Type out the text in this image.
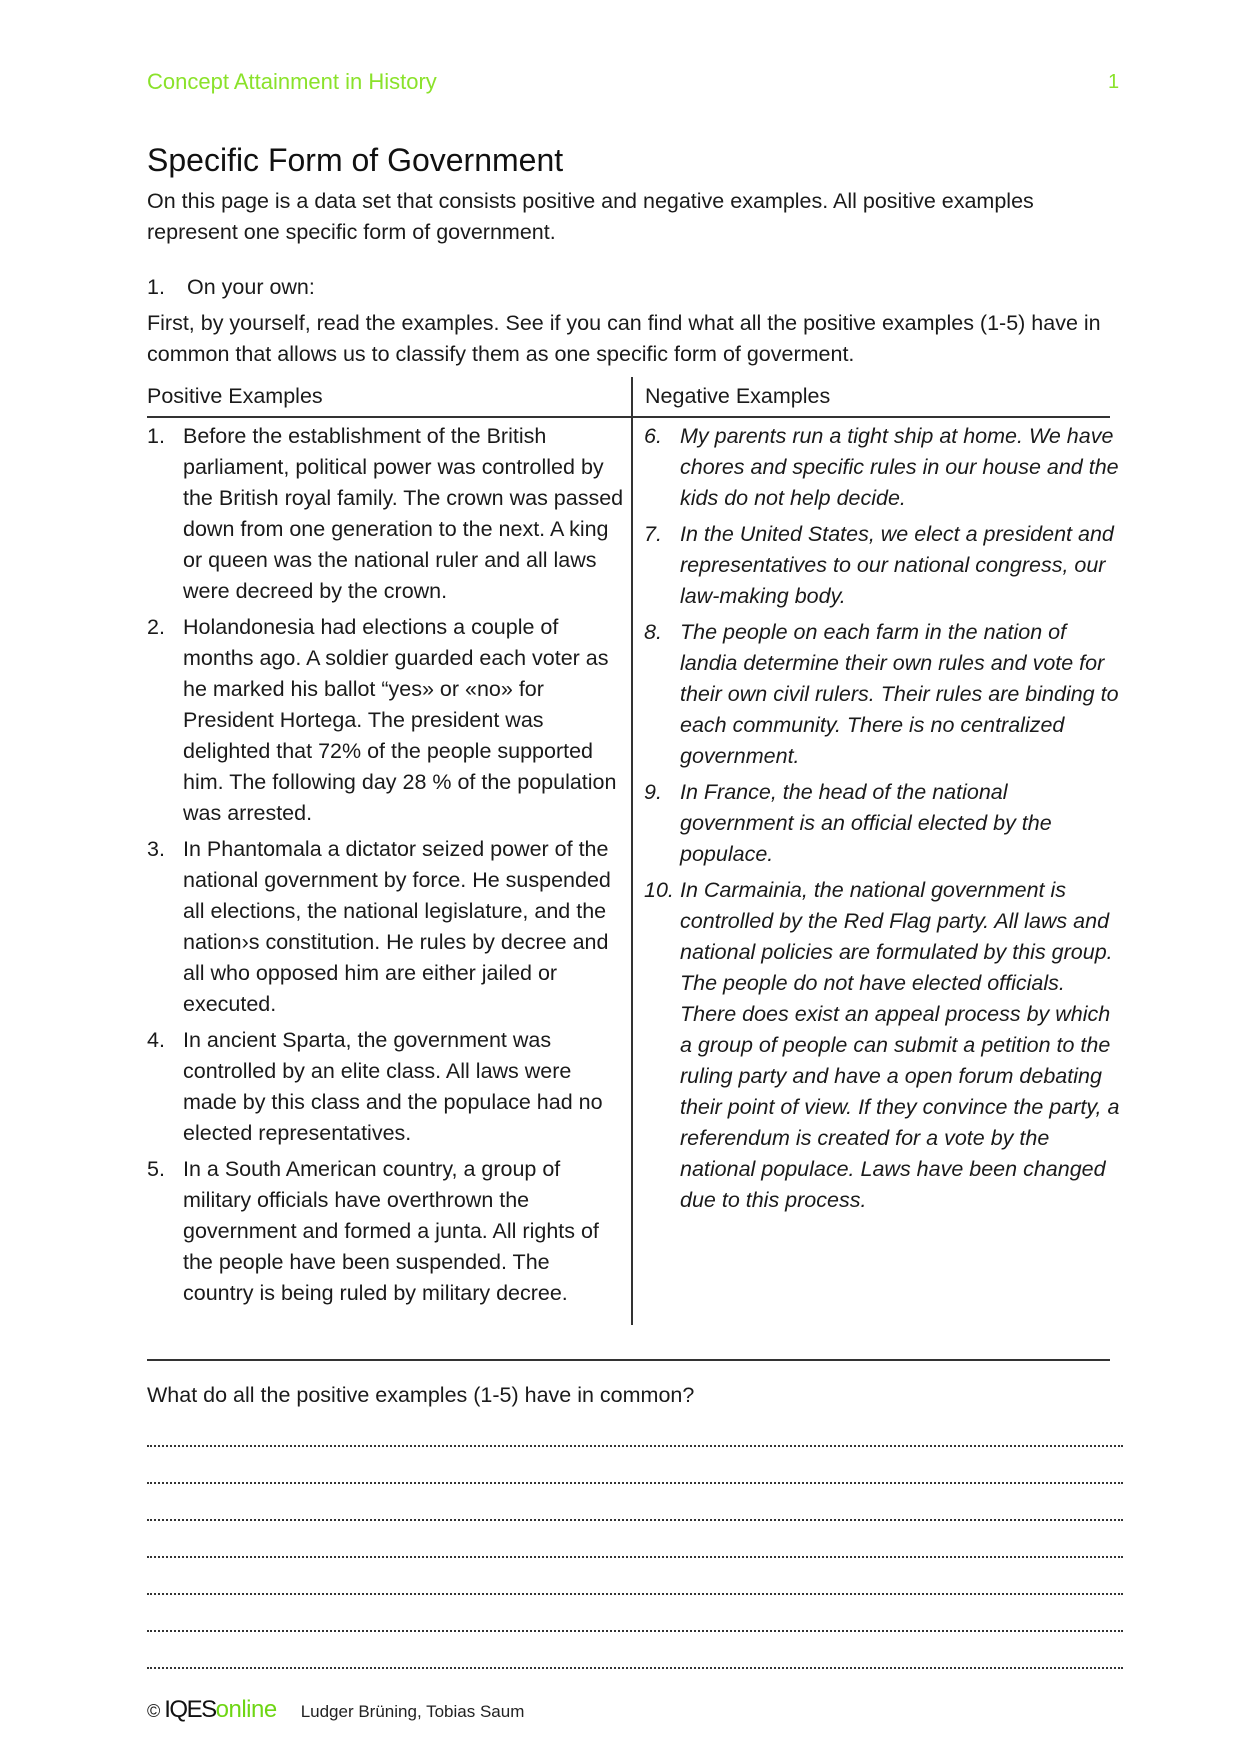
Concept Attainment in History	1
Specific Form of Government
On this page is a data set that consists positive and negative examples. All positive examples represent one specific form of government.
1. On your own:
First, by yourself, read the examples. See if you can find what all the positive examples (1-5) have in common that allows us to classify them as one specific form of goverment.
Positive Examples	Negative Examples
1. Before the establishment of the British parliament, political power was controlled by the British royal family. The crown was passed down from one generation to the next. A king or queen was the national ruler and all laws were decreed by the crown.
2. Holandonesia had elections a couple of months ago. A soldier guarded each voter as he marked his ballot “yes» or «no» for President Hortega. The president was delighted that 72% of the people supported him. The following day 28 % of the population was arrested.
3. In Phantomala a dictator seized power of the national government by force. He suspended all elections, the national legislature, and the nation›s constitution. He rules by decree and all who opposed him are either jailed or executed.
4. In ancient Sparta, the government was controlled by an elite class. All laws were made by this class and the populace had no elected representatives.
5. In a South American country, a group of military officials have overthrown the government and formed a junta. All rights of the people have been suspended. The country is being ruled by military decree.
6. My parents run a tight ship at home. We have chores and specific rules in our house and the kids do not help decide.
7. In the United States, we elect a president and representatives to our national congress, our law-making body.
8. The people on each farm in the nation of landia determine their own rules and vote for their own civil rulers. Their rules are binding to each community. There is no centralized government.
9. In France, the head of the national government is an official elected by the populace.
10. In Carmainia, the national government is controlled by the Red Flag party. All laws and national policies are formulated by this group. The people do not have elected officials. There does exist an appeal process by which a group of people can submit a petition to the ruling party and have a open forum debating their point of view. If they convince the party, a referendum is created for a vote by the national populace. Laws have been changed due to this process.
What do all the positive examples (1-5) have in common?
© IQES online Ludger Brüning, Tobias Saum
